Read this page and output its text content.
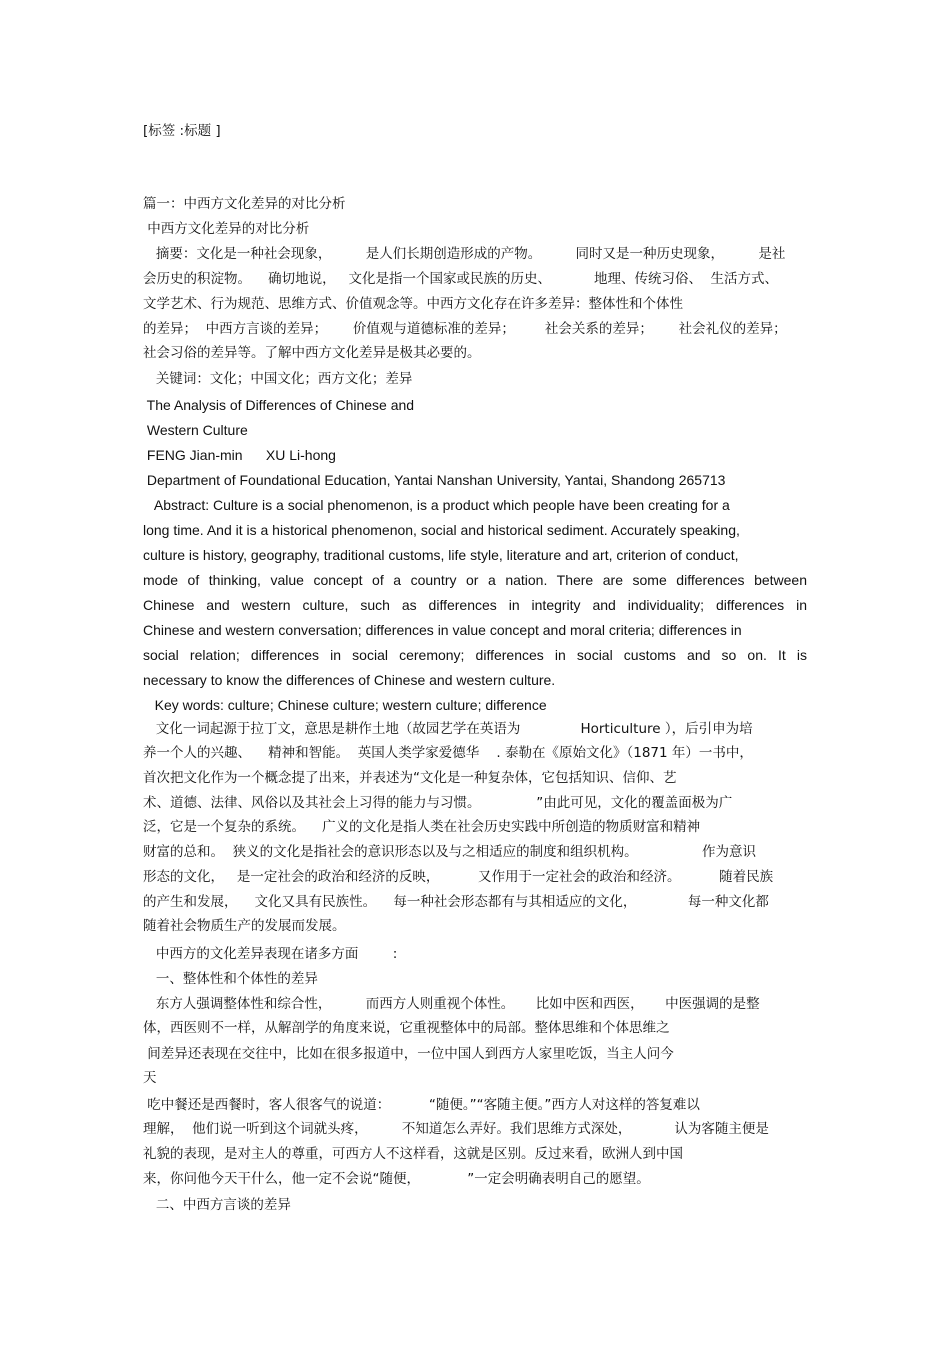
[标签 :标题 ]
篇一：中西方文化差异的对比分析
中西方文化差异的对比分析
摘要：文化是一种社会现象，        是人们长期创造形成的产物。        同时又是一种历史现象，        是社
会历史的积淀物。    确切地说，   文化是指一个国家或民族的历史、          地理、传统习俗、  生活方式、
文学艺术、行为规范、思维方式、价值观念等。中西方文化存在许多差异：整体性和个体性
的差异；  中西方言谈的差异；      价值观与道德标准的差异；       社会关系的差异；      社会礼仪的差异；
社会习俗的差异等。了解中西方文化差异是极其必要的。
关键词：文化；中国文化；西方文化；差异
The Analysis of Differences of Chinese and
Western Culture
FENG Jian-min      XU Li-hong
Department of Foundational Education, Yantai Nanshan University, Yantai, Shandong 265713
Abstract: Culture is a social phenomenon, is a product which people have been creating for a
long time. And it is a historical phenomenon, social and historical sediment. Accurately speaking,
culture is history, geography, traditional customs, life style, literature and art, criterion of conduct,
mode of thinking, value concept of a country or a nation. There are some differences between
Chinese and western culture, such as differences in integrity and individuality; differences in
Chinese and western conversation; differences in value concept and moral criteria; differences in
social relation; differences in social ceremony; differences in social customs and so on. It is
necessary to know the differences of Chinese and western culture.
Key words: culture; Chinese culture; western culture; difference
文化一词起源于拉丁文，意思是耕作土地（故园艺学在英语为              Horticulture ），后引申为培
养一个人的兴趣、    精神和智能。  英国人类学家爱德华    . 泰勒在《原始文化》（1871 年）一书中，
首次把文化作为一个概念提了出来，并表述为“文化是一种复杂体，它包括知识、信仰、艺
术、道德、法律、风俗以及其社会上习得的能力与习惯。             ”由此可见，文化的覆盖面极为广
泛，它是一个复杂的系统。    广义的文化是指人类在社会历史实践中所创造的物质财富和精神
财富的总和。  狭义的文化是指社会的意识形态以及与之相适应的制度和组织机构。               作为意识
形态的文化，   是一定社会的政治和经济的反映，         又作用于一定社会的政治和经济。         随着民族
的产生和发展，    文化又具有民族性。    每一种社会形态都有与其相适应的文化，            每一种文化都
随着社会物质生产的发展而发展。
中西方的文化差异表现在诸多方面        :
一、整体性和个体性的差异
东方人强调整体性和综合性，        而西方人则重视个体性。     比如中医和西医，     中医强调的是整
体，西医则不一样，从解剖学的角度来说，它重视整体中的局部。整体思维和个体思维之
间差异还表现在交往中，比如在很多报道中，一位中国人到西方人家里吃饭，当主人问今
天
吃中餐还是西餐时，客人很客气的说道：         “随便。”“客随主便。”西方人对这样的答复难以
理解，  他们说一听到这个词就头疼，        不知道怎么弄好。我们思维方式深处，          认为客随主便是
礼貌的表现，是对主人的尊重，可西方人不这样看，这就是区别。反过来看，欧洲人到中国
来，你问他今天干什么，他一定不会说“随便，           ”一定会明确表明自己的愿望。
二、中西方言谈的差异
